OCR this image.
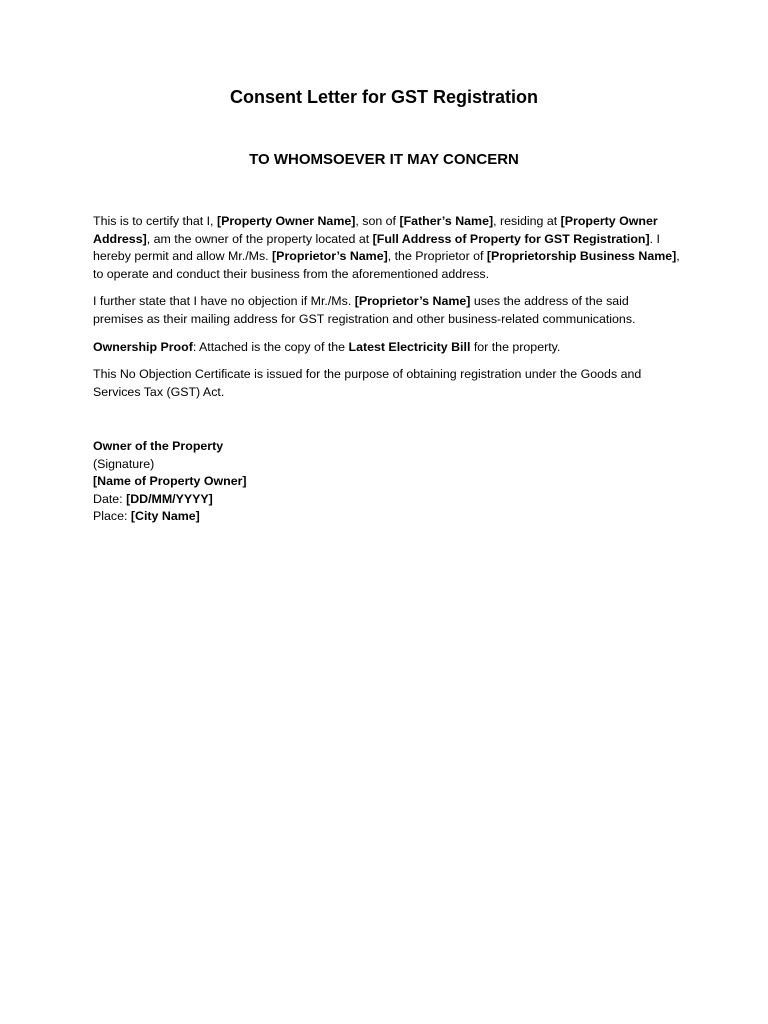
Consent Letter for GST Registration
TO WHOMSOEVER IT MAY CONCERN

This is to certify that I, [Property Owner Name], son of [Father’s Name], residing at [Property Owner Address], am the owner of the property located at [Full Address of Property for GST Registration]. I hereby permit and allow Mr./Ms. [Proprietor’s Name], the Proprietor of [Proprietorship Business Name], to operate and conduct their business from the aforementioned address.

I further state that I have no objection if Mr./Ms. [Proprietor’s Name] uses the address of the said premises as their mailing address for GST registration and other business-related communications.

Ownership Proof: Attached is the copy of the Latest Electricity Bill for the property.

This No Objection Certificate is issued for the purpose of obtaining registration under the Goods and Services Tax (GST) Act.

Owner of the Property
(Signature)
[Name of Property Owner]
Date: [DD/MM/YYYY]
Place: [City Name]
